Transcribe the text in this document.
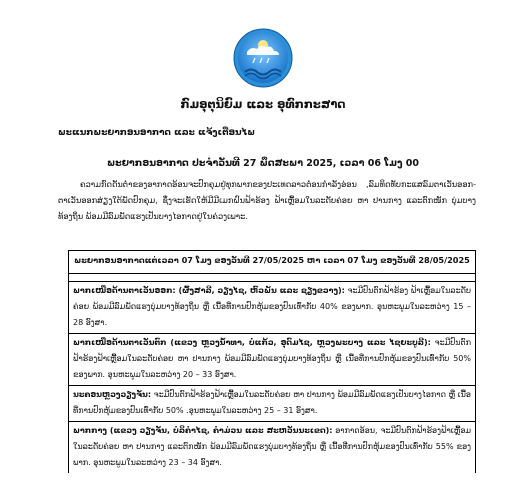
ກົມອຸຕຸນິຍົມ ແລະ ອຸທົກກະສາດ
ພະແນກພະຍາກອນອາກາດ ແລະ ແຈ້ງເຕືອນໄພ
ພະຍາກອນອາກາດ ປະຈຳວັນທີ 27 ພຶດສະພາ 2025, ເວລາ 06 ໂມງ 00

ຄວາມກົດດັນຕ່ຳຂອງອາກາດອ້ອນຈະປົກຄຸມຢູ່ທຸກພາກຂອງປະເທດລາວຕໍ່ອນກໍາລັງອ່ອນ ,ລົມທິດທັບກະແສລົມຕາເວັນອອກ-ຕາເວັນອອກສ່ຽງໃຕ້ພັດປົກຄຸມ, ຊຶ່ງຈະເຮັດໃຫ້ມີມີເມກຝົນຟ້າຮ້ອງ ຟ້າເຫຼື້ອມໃນລະດັບຄ່ອຍ ຫາ ປານກາງ ແລະຕົກໜັກ ບຸ່ມບາງທ້ອງຖິ່ນ ພ້ອມມີລົມພັດແຮງເປັນບາງໄອກາດຢູ່ໃນຄ່ວງເພາະ.

ພະຍາກອນອາກາດແຕ່ເວລາ 07 ໂມງ ຂອງວັນທີ 27/05/2025 ຫາ ເວລາ 07 ໂມງ ຂອງວັນທີ 28/05/2025
ພາກເໜືອດ້ານຕາເວັນອອກ: (ຜົ້ງສາລີ, ວຽງໄຊ, ຫົວພັນ ແລະ ຊຽງຂວາງ): ຈະມີປົນຕົກຟ້າຮ້ອງ ຟ້າເຫຼື້ອມໃນລະດັບຄ່ອຍ ພ້ອມມີລົມພັດແຮງບຸ່ມບາງທ້ອງຖິ່ນ ຫຼື ເນື້ອທີ່ການປົກຫຸ້ມຂອງປົນເທົ່າກັບ 40% ຂອງພາກ. ອຸນຫະພູມໃນລະຫວ່າງ 15 – 28 ອົງສາ.
ພາກເໜືອດ້ານຕາເວັນຕົກ (ແຂວງ ຫຼວງນ້ຳທາ, ບໍ່ແກ້ວ, ອຸດົມໄຊ, ຫຼວງພະບາງ ແລະ ໄຊຍະບູລີ): ຈະມີປົນຕົກຟ້າຮ້ອງຟ້າເຫຼື້ອມໃນລະດັບຄ່ອຍ ຫາ ປານກາງ ພ້ອມມີລົມພັດແຮງບຸ່ມບາງທ້ອງຖິ່ນ ຫຼື ເນື້ອທີ່ການປົກຫຸ້ມຂອງປົນເທົ່າກັບ 50% ຂອງພາກ. ອຸນຫະພູມໃນລະຫວ່າງ 20 – 33 ອົງສາ.
ນະຄອນຫຼວງວຽງຈັນ: ຈະມີປົນຕົກຟ້າຮ້ອງຟ້າເຫຼື້ອມໃນລະດັບຄ່ອຍ ຫາ ປານກາງ ພ້ອມມີລົມພັດແຮງເປັນບາງໄອກາດ ຫຼື ເນື້ອທີ່ການປົກຫຸ້ມຂອງປົນເທົ່າກັບ 50% .ອຸນຫະພູມໃນລະຫວ່າງ 25 – 31 ອົງສາ.
ພາກກາງ (ແຂວງ ວຽງຈັນ, ບໍລິຄຳໄຊ, ຄຳມ່ວນ ແລະ ສະຫວັນນະເຂດ): ອາກາດອ້ອນ, ຈະມີປົນຕົກຟ້າຮ້ອງຟ້າເຫຼື້ອມໃນລະດັບຄ່ອຍ ຫາ ປານກາງ ແລະຕົກໜັກ ພ້ອມມີລົມພັດແຮງບຸ່ມບາງທ້ອງຖິ່ນ ຫຼື ເນື້ອທີ່ການປົກຫຸ້ມຂອງປົນເທົ່າກັບ 55% ຂອງພາກ. ອຸນຫະພູມໃນລະຫວ່າງ 23 – 34 ອົງສາ.
